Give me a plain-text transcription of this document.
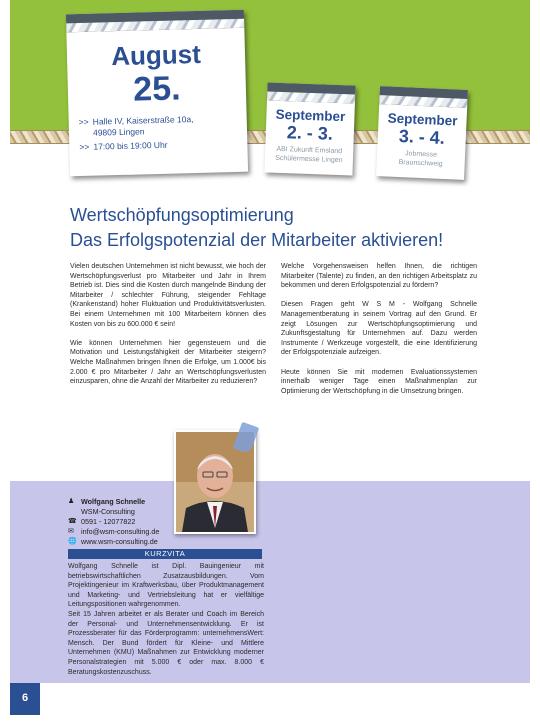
August
25.
>> Halle IV, Kaiserstraße 10a,
49809 Lingen
>> 17:00 bis 19:00 Uhr
September
2. - 3.
ABI Zukunft Emsland
Schülermesse Lingen
September
3. - 4.
Jobmesse
Braunschweig
Wertschöpfungsoptimierung
Das Erfolgspotenzial der Mitarbeiter aktivieren!

Vielen deutschen Unternehmen ist nicht bewusst, wie hoch der Wertschöpfungsverlust pro Mitarbeiter und Jahr in Ihrem Betrieb ist. Dies sind die Kosten durch mangelnde Bindung der Mitarbeiter / schlechter Führung, steigender Fehltage (Krankenstand) hoher Fluktuation und Produktivitätsverlusten. Bei einem Unternehmen mit 100 Mitarbeitern können dies Kosten von bis zu 600.000 € sein!

Wie können Unternehmen hier gegensteuern und die Motivation und Leistungsfähigkeit der Mitarbeiter steigern? Welche Maßnahmen bringen Ihnen die Erfolge, um 1.000€ bis 2.000 € pro Mitarbeiter / Jahr an Wertschöpfungsverlusten einzusparen, ohne die Anzahl der Mitarbeiter zu reduzieren?

Welche Vorgehensweisen helfen Ihnen, die richtigen Mitarbeiter (Talente) zu finden, an den richtigen Arbeitsplatz zu bekommen und deren Erfolgspotenzial zu fördern?

Diesen Fragen geht W S M - Wolfgang Schnelle Managementberatung in seinem Vortrag auf den Grund. Er zeigt Lösungen zur Wertschöpfungsoptimierung und Zukunftsgestaltung für Unternehmen auf. Dazu werden Instrumente / Werkzeuge vorgestellt, die eine Identifizierung der Erfolgspotenziale aufzeigen.

Heute können Sie mit modernen Evaluationssystemen innerhalb weniger Tage einen Maßnahmenplan zur Optimierung der Wertschöpfung in die Umsetzung bringen.

♟ Wolfgang Schnelle
WSM-Consulting
☎ 0591 - 12077822
✉ info@wsm-consulting.de
🌐 www.wsm-consulting.de
KURZVITA

Wolfgang Schnelle ist Dipl. Bauingenieur mit betriebswirtschaftlichen Zusatzausbildungen. Vom Projektingenieur im Kraftwerksbau, über Produktmanagement und Marketing- und Vertriebsleitung hat er vielfältige Leitungspositionen wahrgenommen.

Seit 15 Jahren arbeitet er als Berater und Coach im Bereich der Personal- und Unternehmensentwicklung. Er ist Prozessberater für das Förderprogramm: unternehmensWert: Mensch. Der Bund fördert für Kleine- und Mittlere Unternehmen (KMU) Maßnahmen zur Entwicklung moderner Personalstrategien mit 5.000 € oder max. 8.000 € Beratungskostenzuschuss.

6
